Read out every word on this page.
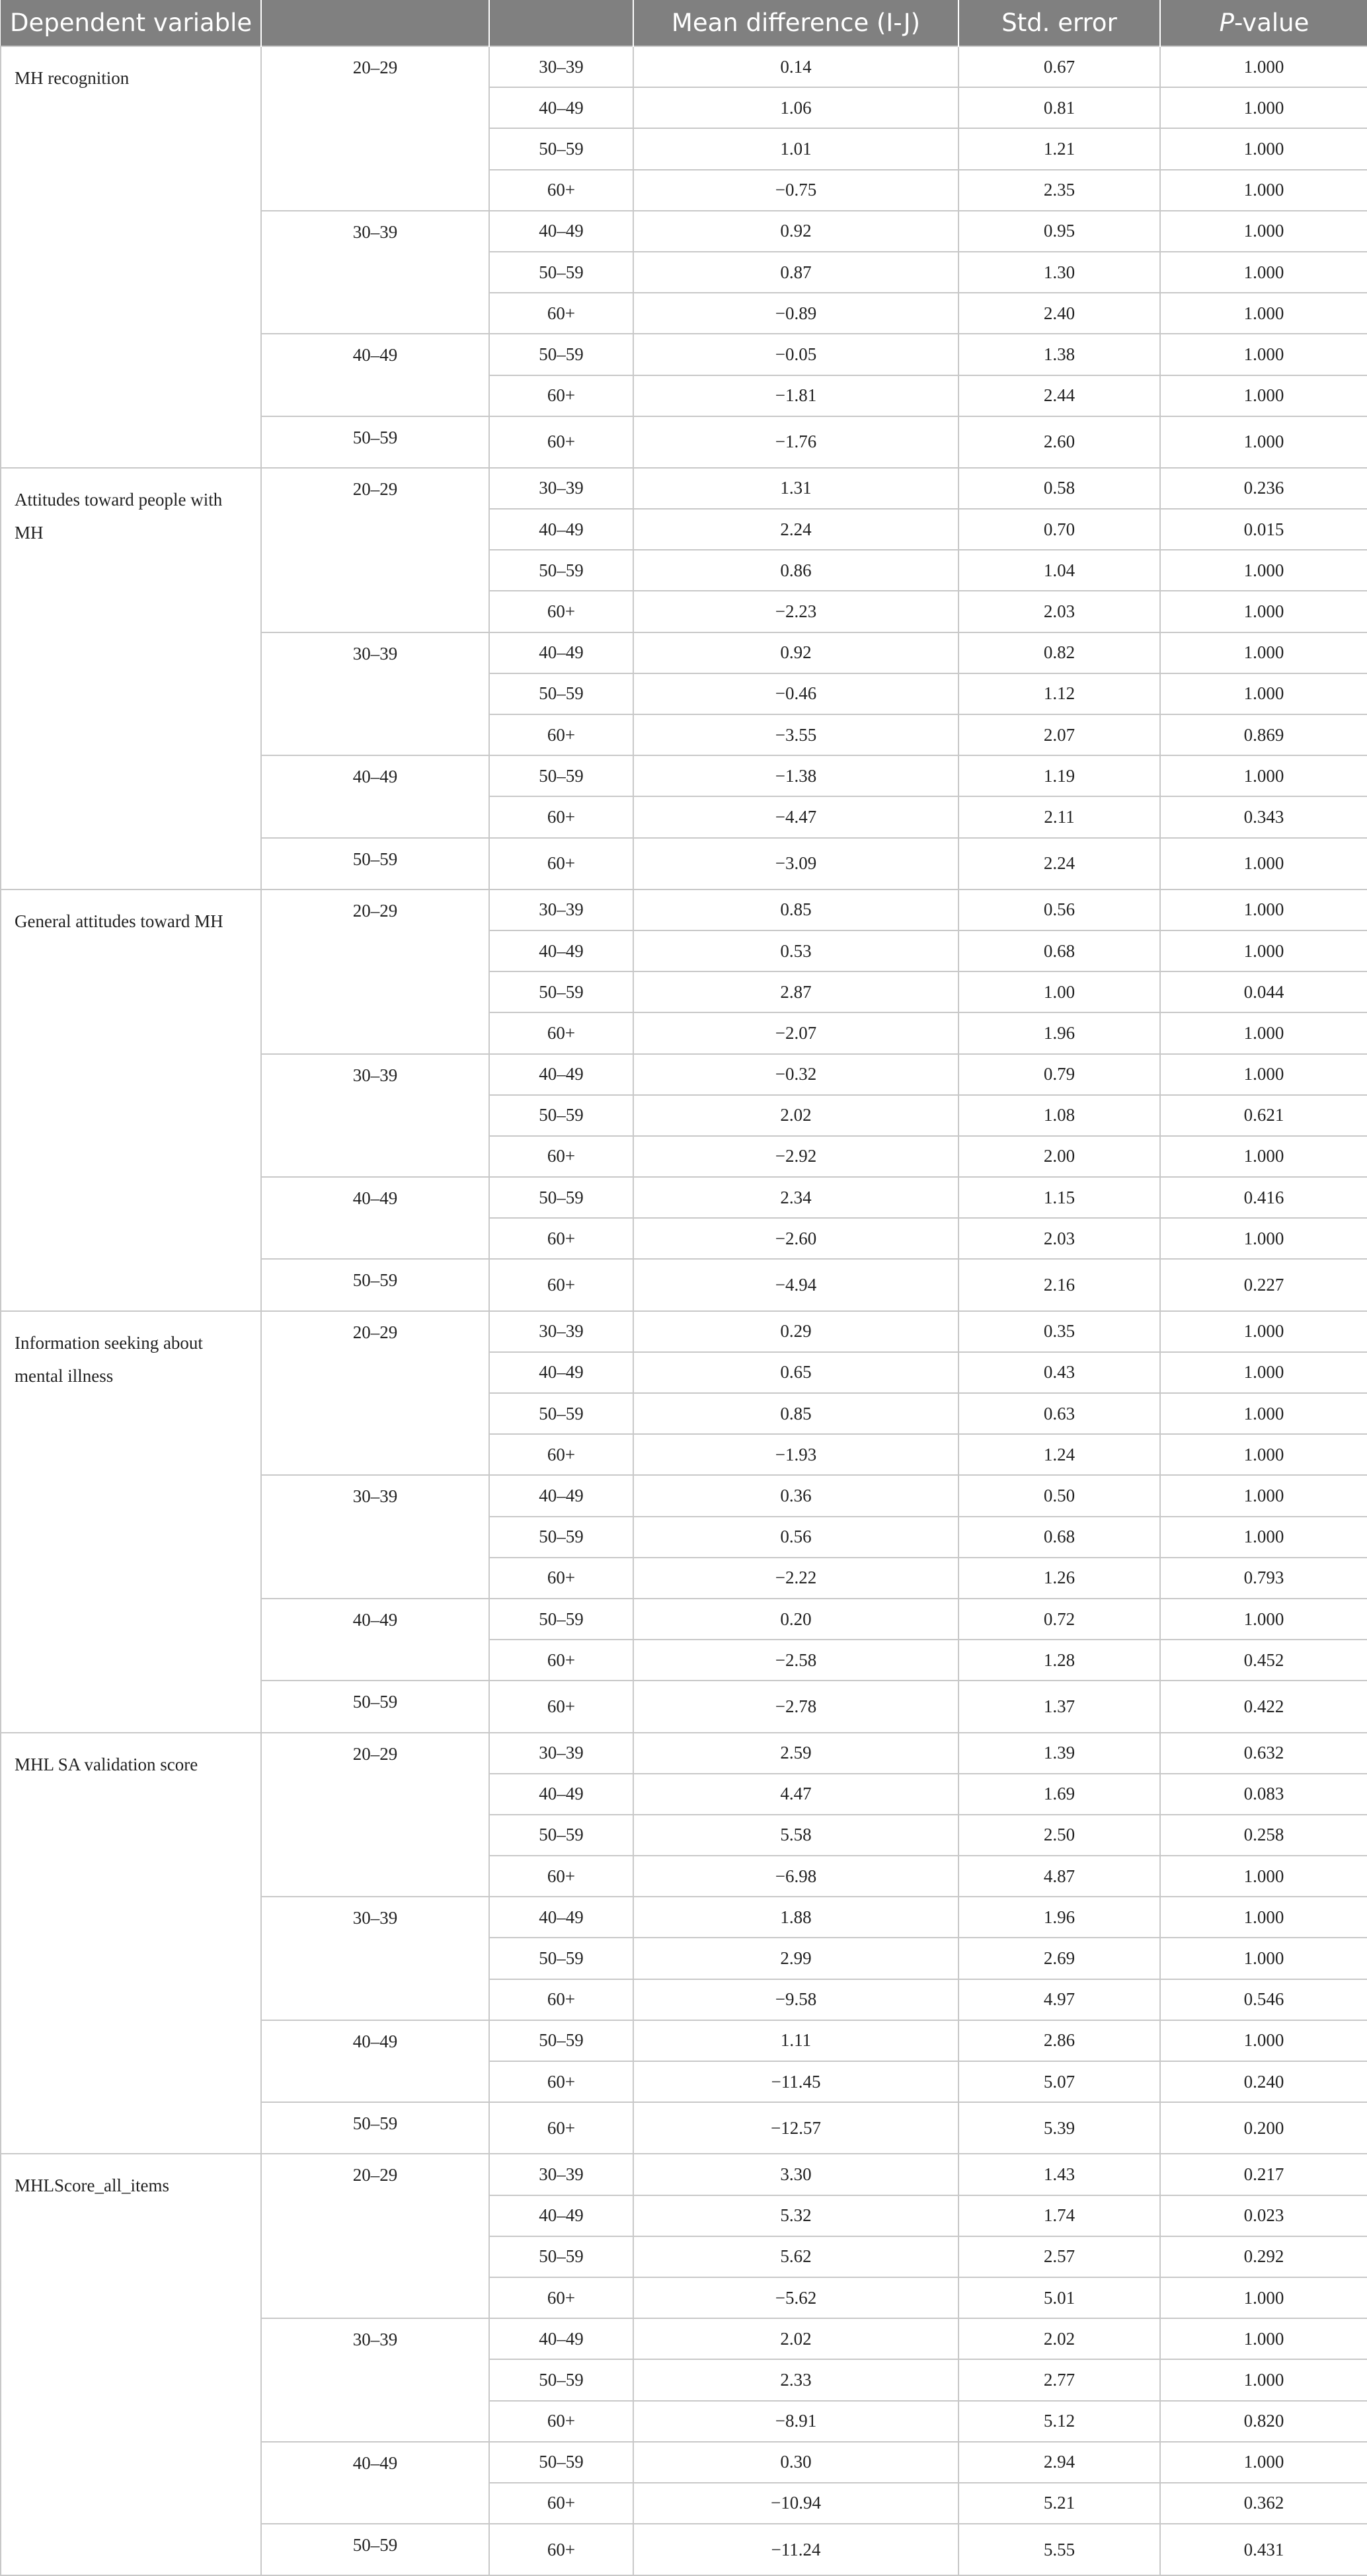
Dependent variable			Mean difference (I-J)	Std. error	P-value
MH recognition	20–29	30–39	0.14	0.67	1.000
		40–49	1.06	0.81	1.000
		50–59	1.01	1.21	1.000
		60+	−0.75	2.35	1.000
	30–39	40–49	0.92	0.95	1.000
		50–59	0.87	1.30	1.000
		60+	−0.89	2.40	1.000
	40–49	50–59	−0.05	1.38	1.000
		60+	−1.81	2.44	1.000
	50–59	60+	−1.76	2.60	1.000
Attitudes toward people with MH	20–29	30–39	1.31	0.58	0.236
		40–49	2.24	0.70	0.015
		50–59	0.86	1.04	1.000
		60+	−2.23	2.03	1.000
	30–39	40–49	0.92	0.82	1.000
		50–59	−0.46	1.12	1.000
		60+	−3.55	2.07	0.869
	40–49	50–59	−1.38	1.19	1.000
		60+	−4.47	2.11	0.343
	50–59	60+	−3.09	2.24	1.000
General attitudes toward MH	20–29	30–39	0.85	0.56	1.000
		40–49	0.53	0.68	1.000
		50–59	2.87	1.00	0.044
		60+	−2.07	1.96	1.000
	30–39	40–49	−0.32	0.79	1.000
		50–59	2.02	1.08	0.621
		60+	−2.92	2.00	1.000
	40–49	50–59	2.34	1.15	0.416
		60+	−2.60	2.03	1.000
	50–59	60+	−4.94	2.16	0.227
Information seeking about mental illness	20–29	30–39	0.29	0.35	1.000
		40–49	0.65	0.43	1.000
		50–59	0.85	0.63	1.000
		60+	−1.93	1.24	1.000
	30–39	40–49	0.36	0.50	1.000
		50–59	0.56	0.68	1.000
		60+	−2.22	1.26	0.793
	40–49	50–59	0.20	0.72	1.000
		60+	−2.58	1.28	0.452
	50–59	60+	−2.78	1.37	0.422
MHL SA validation score	20–29	30–39	2.59	1.39	0.632
		40–49	4.47	1.69	0.083
		50–59	5.58	2.50	0.258
		60+	−6.98	4.87	1.000
	30–39	40–49	1.88	1.96	1.000
		50–59	2.99	2.69	1.000
		60+	−9.58	4.97	0.546
	40–49	50–59	1.11	2.86	1.000
		60+	−11.45	5.07	0.240
	50–59	60+	−12.57	5.39	0.200
MHLScore_all_items	20–29	30–39	3.30	1.43	0.217
		40–49	5.32	1.74	0.023
		50–59	5.62	2.57	0.292
		60+	−5.62	5.01	1.000
	30–39	40–49	2.02	2.02	1.000
		50–59	2.33	2.77	1.000
		60+	−8.91	5.12	0.820
	40–49	50–59	0.30	2.94	1.000
		60+	−10.94	5.21	0.362
	50–59	60+	−11.24	5.55	0.431
